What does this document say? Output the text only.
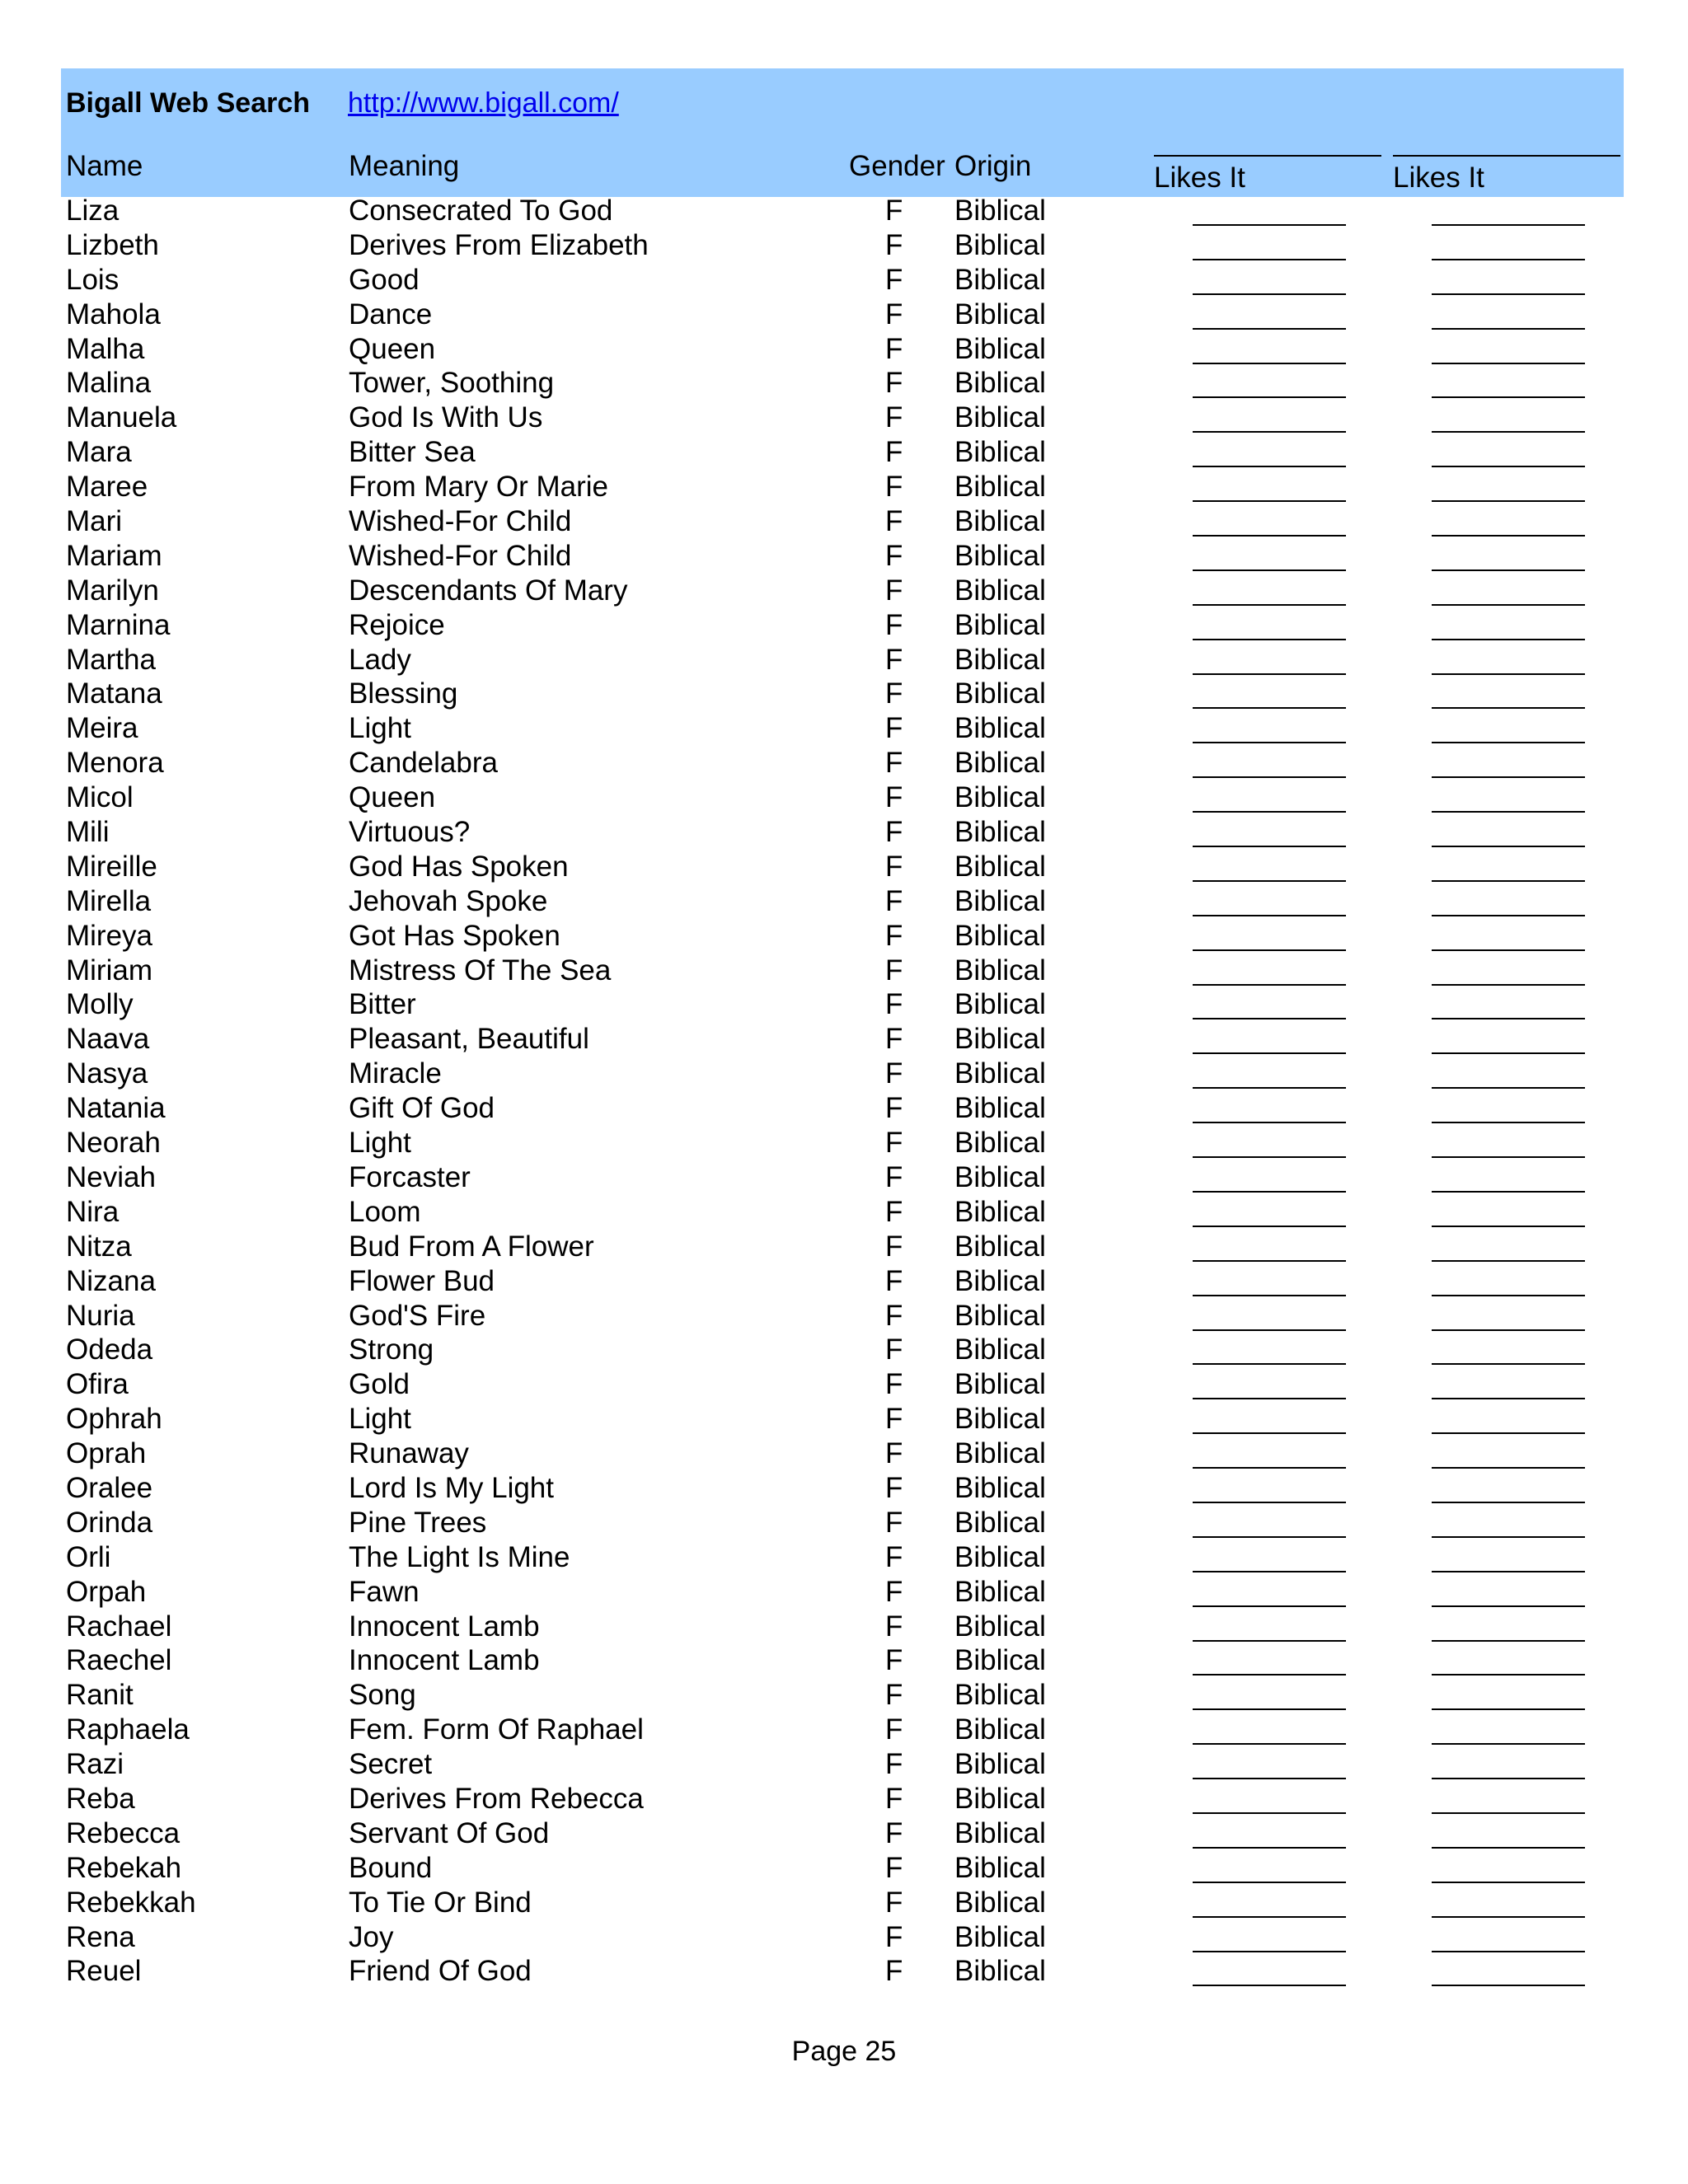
Bigall Web Search http://www.bigall.com/
Name	Meaning	Gender Origin	Likes It	Likes It
Liza	Consecrated To God	F Biblical
Lizbeth	Derives From Elizabeth	F Biblical
Lois	Good	F Biblical
Mahola	Dance	F Biblical
Malha	Queen	F Biblical
Malina	Tower, Soothing	F Biblical
Manuela	God Is With Us	F Biblical
Mara	Bitter Sea	F Biblical
Maree	From Mary Or Marie	F Biblical
Mari	Wished-For Child	F Biblical
Mariam	Wished-For Child	F Biblical
Marilyn	Descendants Of Mary	F Biblical
Marnina	Rejoice	F Biblical
Martha	Lady	F Biblical
Matana	Blessing	F Biblical
Meira	Light	F Biblical
Menora	Candelabra	F Biblical
Micol	Queen	F Biblical
Mili	Virtuous?	F Biblical
Mireille	God Has Spoken	F Biblical
Mirella	Jehovah Spoke	F Biblical
Mireya	Got Has Spoken	F Biblical
Miriam	Mistress Of The Sea	F Biblical
Molly	Bitter	F Biblical
Naava	Pleasant, Beautiful	F Biblical
Nasya	Miracle	F Biblical
Natania	Gift Of God	F Biblical
Neorah	Light	F Biblical
Neviah	Forcaster	F Biblical
Nira	Loom	F Biblical
Nitza	Bud From A Flower	F Biblical
Nizana	Flower Bud	F Biblical
Nuria	God'S Fire	F Biblical
Odeda	Strong	F Biblical
Ofira	Gold	F Biblical
Ophrah	Light	F Biblical
Oprah	Runaway	F Biblical
Oralee	Lord Is My Light	F Biblical
Orinda	Pine Trees	F Biblical
Orli	The Light Is Mine	F Biblical
Orpah	Fawn	F Biblical
Rachael	Innocent Lamb	F Biblical
Raechel	Innocent Lamb	F Biblical
Ranit	Song	F Biblical
Raphaela	Fem. Form Of Raphael	F Biblical
Razi	Secret	F Biblical
Reba	Derives From Rebecca	F Biblical
Rebecca	Servant Of God	F Biblical
Rebekah	Bound	F Biblical
Rebekkah	To Tie Or Bind	F Biblical
Rena	Joy	F Biblical
Reuel	Friend Of God	F Biblical
Page 25
